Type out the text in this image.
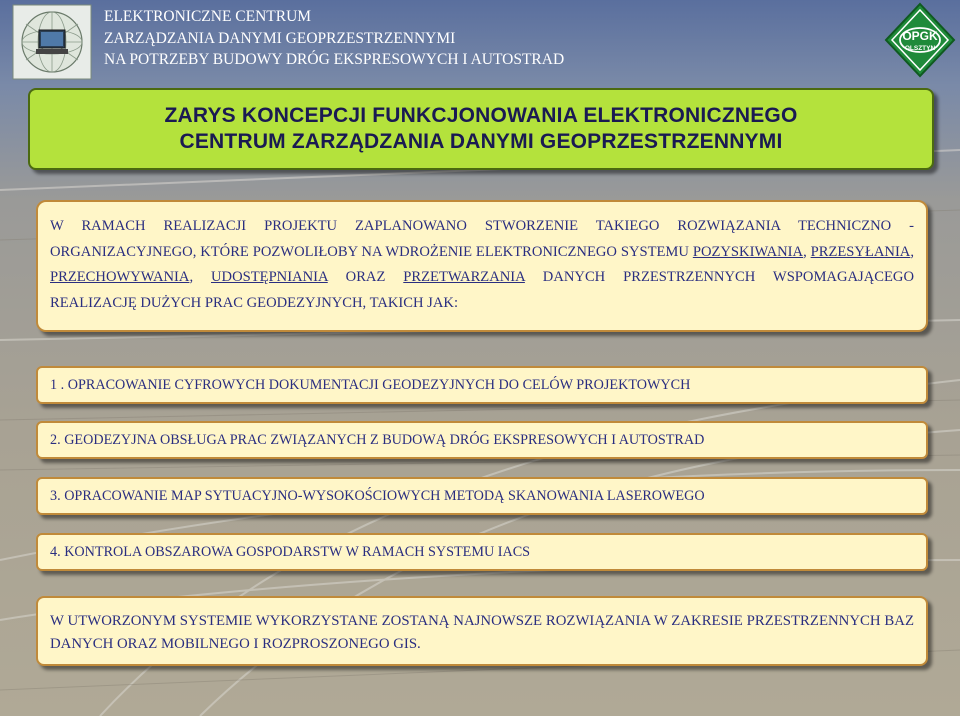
ELEKTRONICZNE CENTRUM
ZARZĄDZANIA DANYMI GEOPRZESTRZENNYMI
NA POTRZEBY BUDOWY DRÓG EKSPRESOWYCH I AUTOSTRAD
OPGK
OLSZTYN
ZARYS KONCEPCJI FUNKCJONOWANIA ELEKTRONICZNEGO
CENTRUM ZARZĄDZANIA DANYMI GEOPRZESTRZENNYMI

W RAMACH REALIZACJI PROJEKTU ZAPLANOWANO STWORZENIE TAKIEGO ROZWIĄZANIA TECHNICZNO - ORGANIZACYJNEGO, KTÓRE POZWOLIŁOBY NA WDROŻENIE ELEKTRONICZNEGO SYSTEMU POZYSKIWANIA, PRZESYŁANIA, PRZECHOWYWANIA, UDOSTĘPNIANIA ORAZ PRZETWARZANIA DANYCH PRZESTRZENNYCH WSPOMAGAJĄCEGO REALIZACJĘ DUŻYCH PRAC GEODEZYJNYCH, TAKICH JAK:

1 . OPRACOWANIE CYFROWYCH DOKUMENTACJI GEODEZYJNYCH DO CELÓW PROJEKTOWYCH
2. GEODEZYJNA OBSŁUGA PRAC ZWIĄZANYCH Z BUDOWĄ DRÓG EKSPRESOWYCH I AUTOSTRAD
3. OPRACOWANIE MAP SYTUACYJNO-WYSOKOŚCIOWYCH METODĄ SKANOWANIA LASEROWEGO
4. KONTROLA OBSZAROWA GOSPODARSTW W RAMACH SYSTEMU IACS

W UTWORZONYM SYSTEMIE WYKORZYSTANE ZOSTANĄ NAJNOWSZE ROZWIĄZANIA W ZAKRESIE PRZESTRZENNYCH BAZ DANYCH ORAZ MOBILNEGO I ROZPROSZONEGO GIS.
